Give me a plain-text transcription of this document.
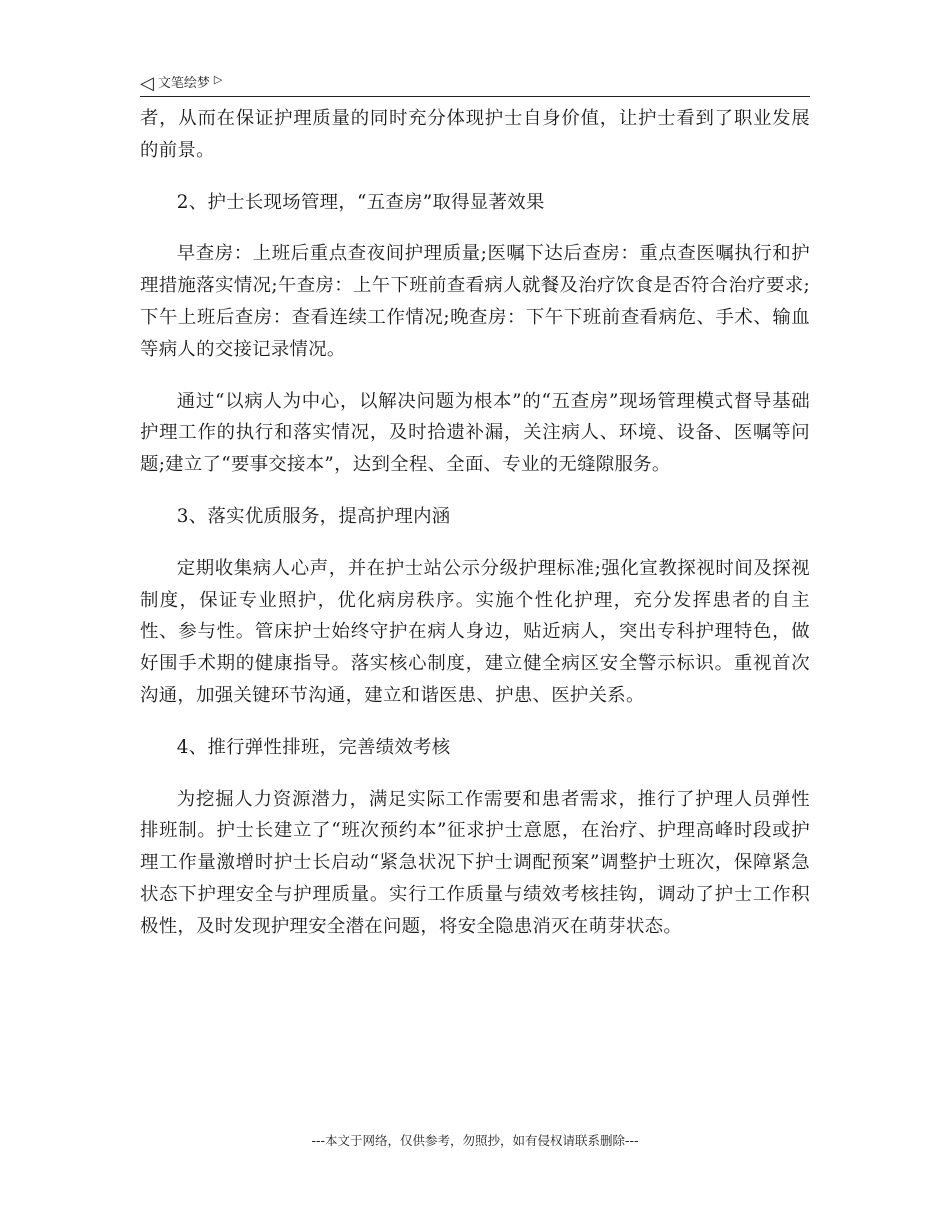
◁ 文笔绘梦 ▷

者，从而在保证护理质量的同时充分体现护士自身价值，让护士看到了职业发展的前景。

2、护士长现场管理，“五查房”取得显著效果

早查房：上班后重点查夜间护理质量;医嘱下达后查房：重点查医嘱执行和护理措施落实情况;午查房：上午下班前查看病人就餐及治疗饮食是否符合治疗要求;下午上班后查房：查看连续工作情况;晚查房：下午下班前查看病危、手术、输血等病人的交接记录情况。

通过“以病人为中心，以解决问题为根本”的“五查房”现场管理模式督导基础护理工作的执行和落实情况，及时拾遗补漏，关注病人、环境、设备、医嘱等问题;建立了“要事交接本”，达到全程、全面、专业的无缝隙服务。

3、落实优质服务，提高护理内涵

定期收集病人心声，并在护士站公示分级护理标准;强化宣教探视时间及探视制度，保证专业照护，优化病房秩序。实施个性化护理，充分发挥患者的自主性、参与性。管床护士始终守护在病人身边，贴近病人，突出专科护理特色，做好围手术期的健康指导。落实核心制度，建立健全病区安全警示标识。重视首次沟通，加强关键环节沟通，建立和谐医患、护患、医护关系。

4、推行弹性排班，完善绩效考核

为挖掘人力资源潜力，满足实际工作需要和患者需求，推行了护理人员弹性排班制。护士长建立了“班次预约本”征求护士意愿，在治疗、护理高峰时段或护理工作量激增时护士长启动“紧急状况下护士调配预案”调整护士班次，保障紧急状态下护理安全与护理质量。实行工作质量与绩效考核挂钩，调动了护士工作积极性，及时发现护理安全潜在问题，将安全隐患消灭在萌芽状态。

---本文于网络，仅供参考，勿照抄，如有侵权请联系删除---
